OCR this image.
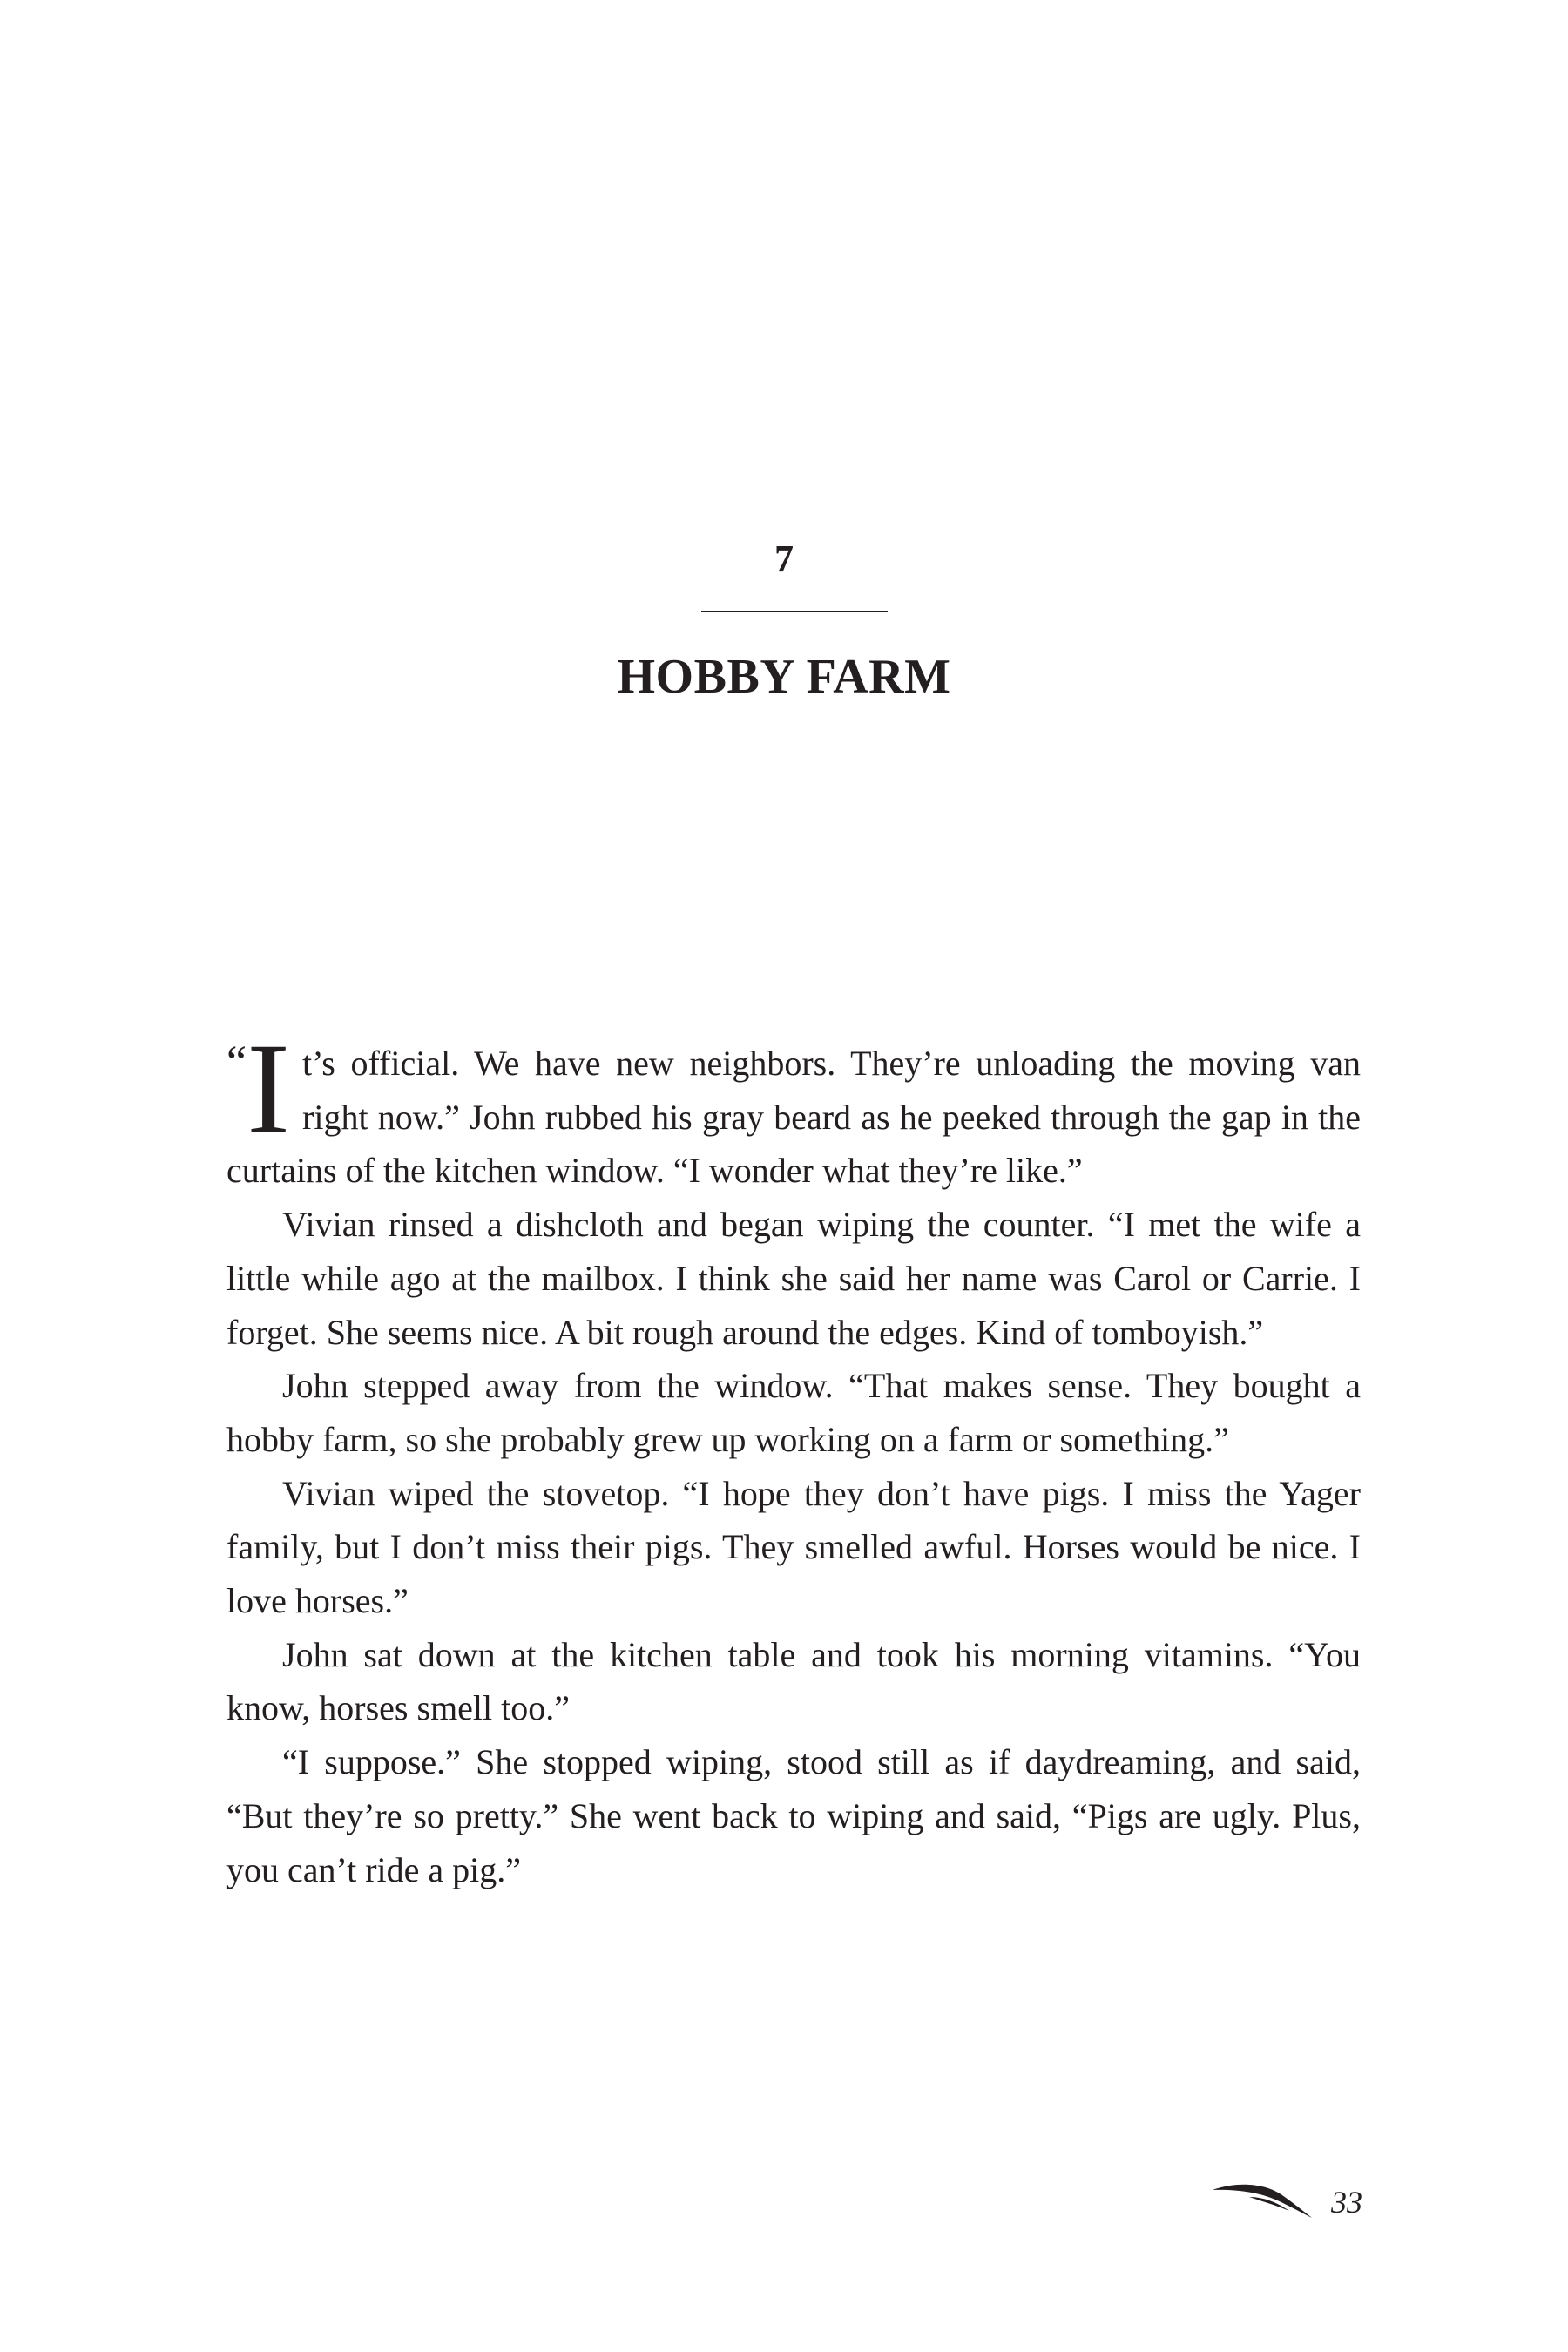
7
HOBBY FARM

“ I t’s official. We have new neighbors. They’re unloading the moving van right now.” John rubbed his gray beard as he peeked through the gap in the curtains of the kitchen window. “I wonder what they’re like.”

Vivian rinsed a dishcloth and began wiping the counter. “I met the wife a little while ago at the mailbox. I think she said her name was Carol or Carrie. I forget. She seems nice. A bit rough around the edges. Kind of tomboyish.”

John stepped away from the window. “That makes sense. They bought a hobby farm, so she probably grew up working on a farm or something.”

Vivian wiped the stovetop. “I hope they don’t have pigs. I miss the Yager family, but I don’t miss their pigs. They smelled awful. Horses would be nice. I love horses.”

John sat down at the kitchen table and took his morning vitamins. “You know, horses smell too.”

“I suppose.” She stopped wiping, stood still as if daydreaming, and said, “But they’re so pretty.” She went back to wiping and said, “Pigs are ugly. Plus, you can’t ride a pig.”

33
